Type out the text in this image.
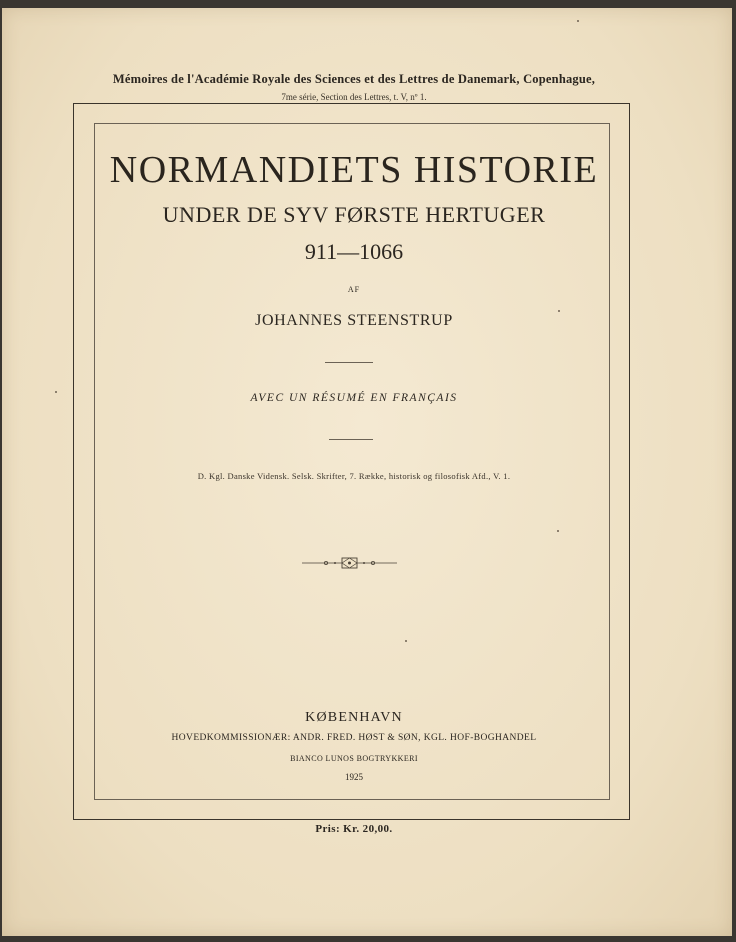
Mémoires de l'Académie Royale des Sciences et des Lettres de Danemark, Copenhague,
7me série, Section des Lettres, t. V, nº 1.
NORMANDIETS HISTORIE
UNDER DE SYV FØRSTE HERTUGER
911—1066
AF
JOHANNES STEENSTRUP
AVEC UN RÉSUMÉ EN FRANÇAIS
D. Kgl. Danske Vidensk. Selsk. Skrifter, 7. Række, historisk og filosofisk Afd., V. 1.
KØBENHAVN
HOVEDKOMMISSIONÆR: ANDR. FRED. HØST & SØN, KGL. HOF-BOGHANDEL
BIANCO LUNOS BOGTRYKKERI
1925
Pris: Kr. 20,00.
